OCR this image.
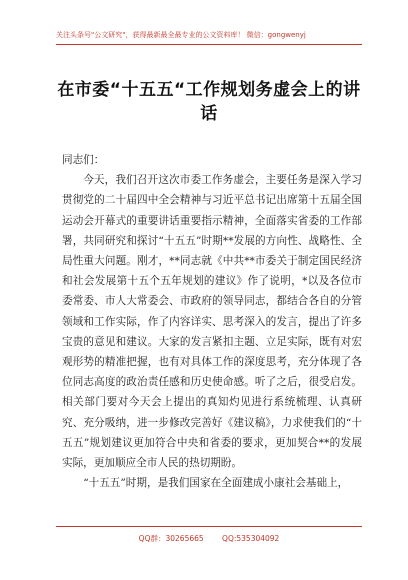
关注头条号"公文研究"，获得最新最全最专业的公文资料库！ 微信：gongwenyj
在市委“十五五“工作规划务虚会上的讲话

同志们：

今天，我们召开这次市委工作务虚会，主要任务是深入学习贯彻党的二十届四中全会精神与习近平总书记出席第十五届全国运动会开幕式的重要讲话重要指示精神，全面落实省委的工作部署，共同研究和探讨“十五五”时期**发展的方向性、战略性、全局性重大问题。刚才，**同志就《中共**市委关于制定国民经济和社会发展第十五个五年规划的建议》作了说明，*以及各位市委常委、市人大常委会、市政府的领导同志，都结合各自的分管领域和工作实际，作了内容详实、思考深入的发言，提出了许多宝贵的意见和建议。大家的发言紧扣主题、立足实际，既有对宏观形势的精准把握，也有对具体工作的深度思考，充分体现了各位同志高度的政治责任感和历史使命感。听了之后，很受启发。相关部门要对今天会上提出的真知灼见进行系统梳理、认真研究、充分吸纳，进一步修改完善好《建议稿》，力求使我们的“十五五”规划建议更加符合中央和省委的要求，更加契合**的发展实际，更加顺应全市人民的热切期盼。

“十五五”时期，是我们国家在全面建成小康社会基础上，

QQ群：30265665 QQ:535304092
